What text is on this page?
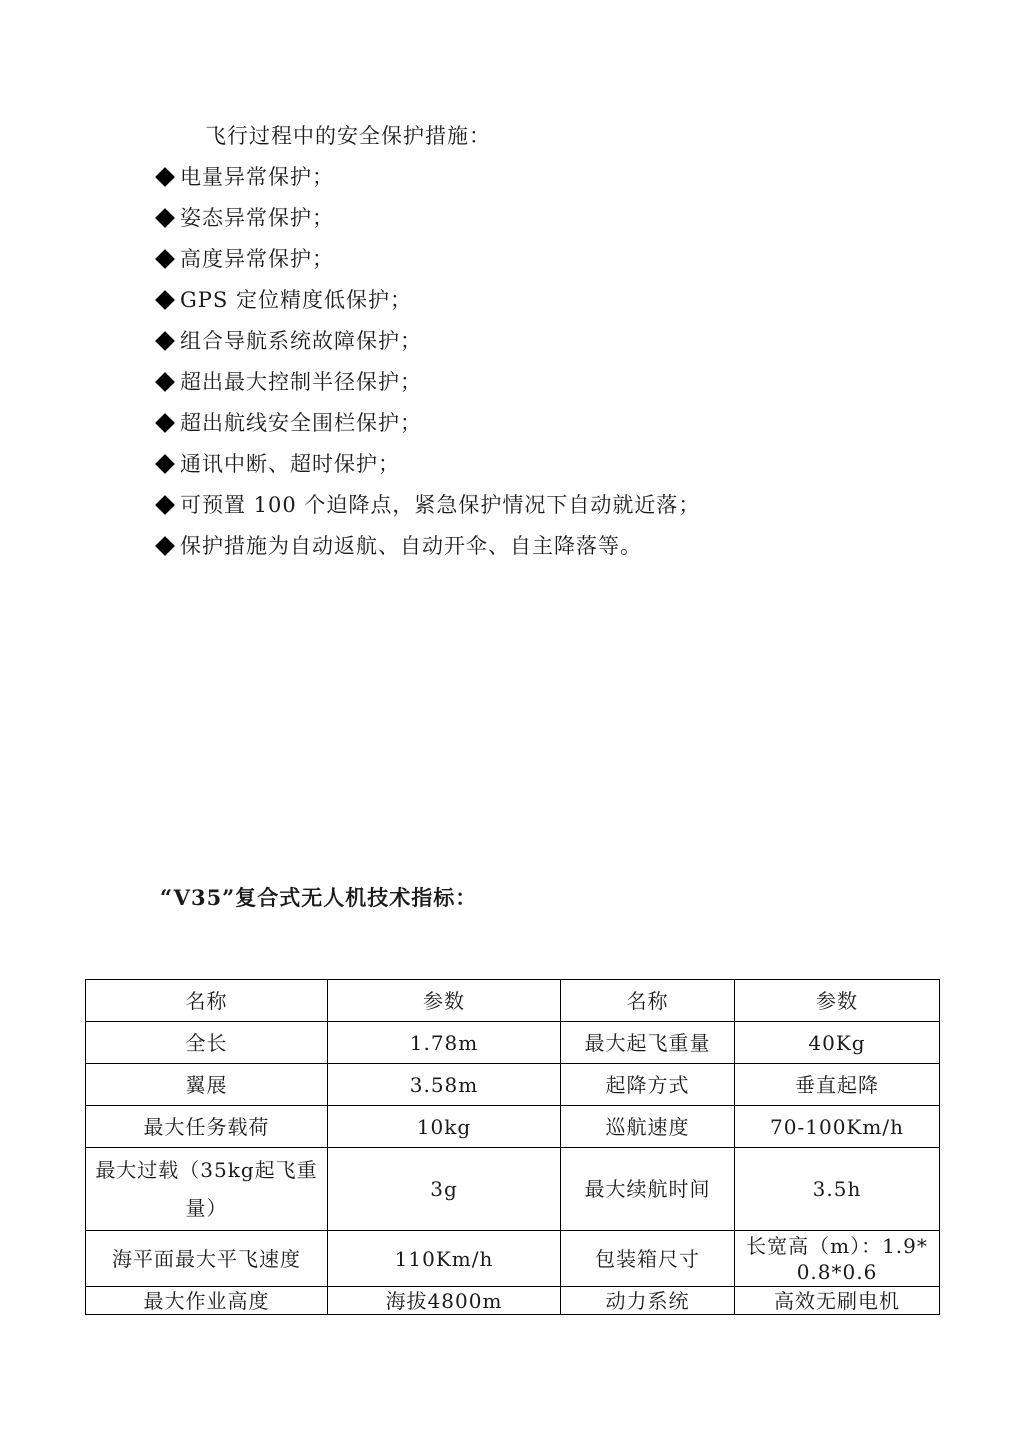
飞行过程中的安全保护措施：
电量异常保护；
姿态异常保护；
高度异常保护；
GPS 定位精度低保护；
组合导航系统故障保护；
超出最大控制半径保护；
超出航线安全围栏保护；
通讯中断、超时保护；
可预置 100 个迫降点，紧急保护情况下自动就近落；
保护措施为自动返航、自动开伞、自主降落等。
“V35”复合式无人机技术指标：
名称	参数	名称	参数
全长	1.78m	最大起飞重量	40Kg
翼展	3.58m	起降方式	垂直起降
最大任务载荷	10kg	巡航速度	70-100Km/h
最大过载（35kg起飞重量）	3g	最大续航时间	3.5h
海平面最大平飞速度	110Km/h	包装箱尺寸	长宽高（m）：1.9*0.8*0.6
最大作业高度	海拔4800m	动力系统	高效无刷电机
